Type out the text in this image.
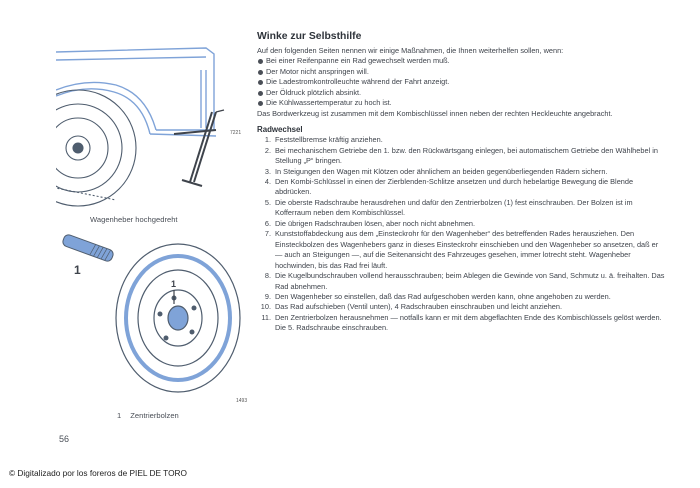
7221
Wagenheber hochgedreht
1
1
1493
1 Zentrierbolzen
56
Winke zur Selbsthilfe

Auf den folgenden Seiten nennen wir einige Maßnahmen, die Ihnen weiterhelfen sollen, wenn:

Bei einer Reifenpanne ein Rad gewechselt werden muß.
Der Motor nicht anspringen will.
Die Ladestromkontrolleuchte während der Fahrt anzeigt.
Der Öldruck plötzlich absinkt.
Die Kühlwassertemperatur zu hoch ist.

Das Bordwerkzeug ist zusammen mit dem Kombischlüssel innen neben der rechten Heckleuchte angebracht.

Radwechsel
1. Feststellbremse kräftig anziehen.
2. Bei mechanischem Getriebe den 1. bzw. den Rückwärtsgang einlegen, bei automatischem Getriebe den Wählhebel in Stellung „P“ bringen.
3. In Steigungen den Wagen mit Klötzen oder ähnlichem an beiden gegenüberliegenden Rädern sichern.
4. Den Kombi-Schlüssel in einen der Zierblenden-Schlitze ansetzen und durch hebelartige Bewegung die Blende abdrücken.
5. Die oberste Radschraube herausdrehen und dafür den Zentrierbolzen (1) fest einschrauben. Der Bolzen ist im Kofferraum neben dem Kombischlüssel.
6. Die übrigen Radschrauben lösen, aber noch nicht abnehmen.
7. Kunststoffabdeckung aus dem „Einsteckrohr für den Wagenheber“ des betreffenden Rades herausziehen. Den Einsteckbolzen des Wagenhebers ganz in dieses Einsteckrohr einschieben und den Wagenheber so ansetzen, daß er — auch an Steigungen —, auf die Seitenansicht des Fahrzeuges gesehen, immer lotrecht steht. Wagenheber hochwinden, bis das Rad frei läuft.
8. Die Kugelbundschrauben vollend herausschrauben; beim Ablegen die Gewinde von Sand, Schmutz u. ä. freihalten. Das Rad abnehmen.
9. Den Wagenheber so einstellen, daß das Rad aufgeschoben werden kann, ohne angehoben zu werden.
10. Das Rad aufschieben (Ventil unten), 4 Radschrauben einschrauben und leicht anziehen.
11. Den Zentrierbolzen herausnehmen — notfalls kann er mit dem abgeflachten Ende des Kombischlüssels gelöst werden. Die 5. Radschraube einschrauben.
© Digitalizado por los foreros de PIEL DE TORO
